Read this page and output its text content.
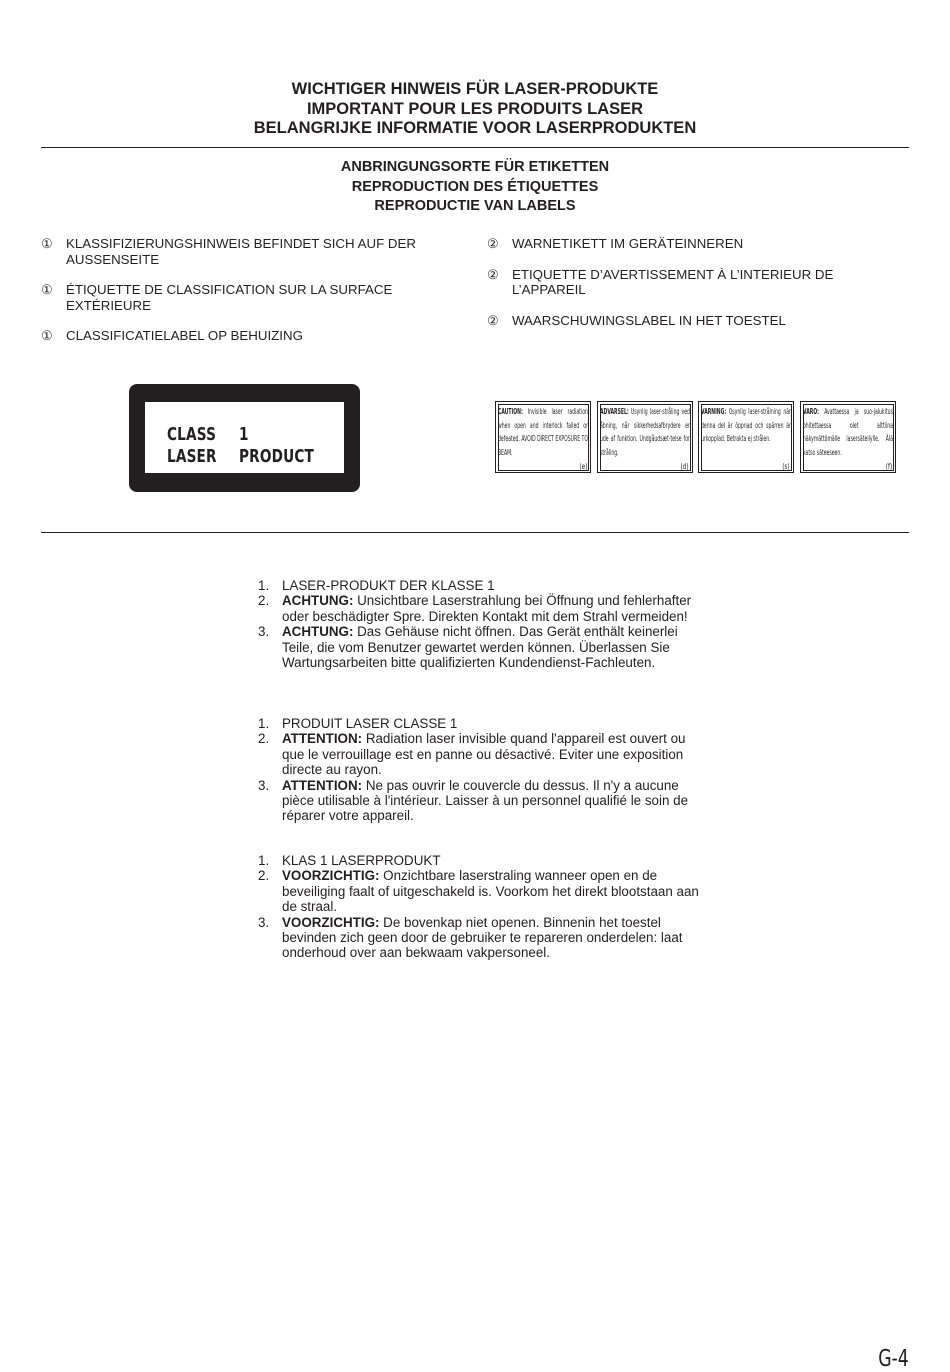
WICHTIGER HINWEIS FÜR LASER-PRODUKTE
IMPORTANT POUR LES PRODUITS LASER
BELANGRIJKE INFORMATIE VOOR LASERPRODUKTEN
ANBRINGUNGSORTE FÜR ETIKETTEN
REPRODUCTION DES ÉTIQUETTES
REPRODUCTIE VAN LABELS
①	KLASSIFIZIERUNGSHINWEIS BEFINDET SICH AUF DER AUSSENSEITE
①	ÉTIQUETTE DE CLASSIFICATION SUR LA SURFACE EXTÉRIEURE
①	CLASSIFICATIELABEL OP BEHUIZING
②	WARNETIKETT IM GERÄTEINNEREN
②	ETIQUETTE D’AVERTISSEMENT À L’INTERIEUR DE L’APPAREIL
②	WAARSCHUWINGSLABEL IN HET TOESTEL
CLASS 1
LASER PRODUCT
CAUTION: Invisible laser radiation when open and interlock failed or defeated. AVOID DIRECT EXPOSURE TO BEAM.
(e)
ADVARSEL: Usynlig laser-stråling ved åbning, når sikkerhedsafbrydere er ude af funktion. Undgåudsæt-telse for stråling.
(d)
VARNING: Osynlig laser-strålning när denna del är öppnad och spärren är urkopplad. Betrakta ej strålen.
(s)
VARO: Avattaessa ja suo-jalukitus ohitettaessa olet alttiina näkymättömälle lasersäteilylle. Älä katso säteeseen.
(f)
1. LASER-PRODUKT DER KLASSE 1
2. ACHTUNG: Unsichtbare Laserstrahlung bei Öffnung und fehlerhafter oder beschädigter Spre. Direkten Kontakt mit dem Strahl vermeiden!
3. ACHTUNG: Das Gehäuse nicht öffnen. Das Gerät enthält keinerlei Teile, die vom Benutzer gewartet werden können. Überlassen Sie Wartungsarbeiten bitte qualifizierten Kundendienst-Fachleuten.
1. PRODUIT LASER CLASSE 1
2. ATTENTION: Radiation laser invisible quand l'appareil est ouvert ou que le verrouillage est en panne ou désactivé. Eviter une exposition directe au rayon.
3. ATTENTION: Ne pas ouvrir le couvercle du dessus. Il n'y a aucune pièce utilisable à l'intérieur. Laisser à un personnel qualifié le soin de réparer votre appareil.
1. KLAS 1 LASERPRODUKT
2. VOORZICHTIG: Onzichtbare laserstraling wanneer open en de beveiliging faalt of uitgeschakeld is. Voorkom het direkt blootstaan aan de straal.
3. VOORZICHTIG: De bovenkap niet openen. Binnenin het toestel bevinden zich geen door de gebruiker te repareren onderdelen: laat onderhoud over aan bekwaam vakpersoneel.
G-4
